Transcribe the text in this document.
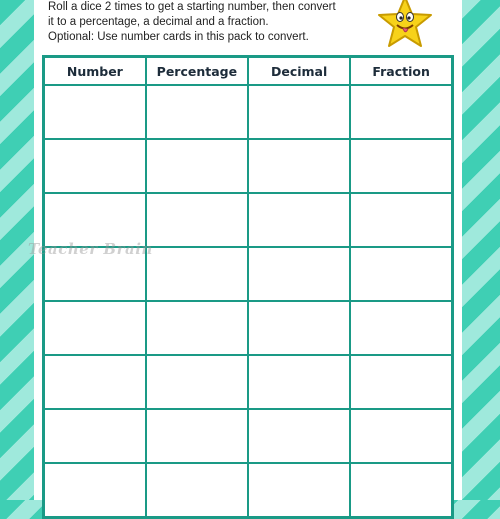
Roll a dice 2 times to get a starting number, then convert
it to a percentage, a decimal and a fraction.
Optional: Use number cards in this pack to convert.
Number	Percentage	Decimal	Fraction

Teacher Brain
